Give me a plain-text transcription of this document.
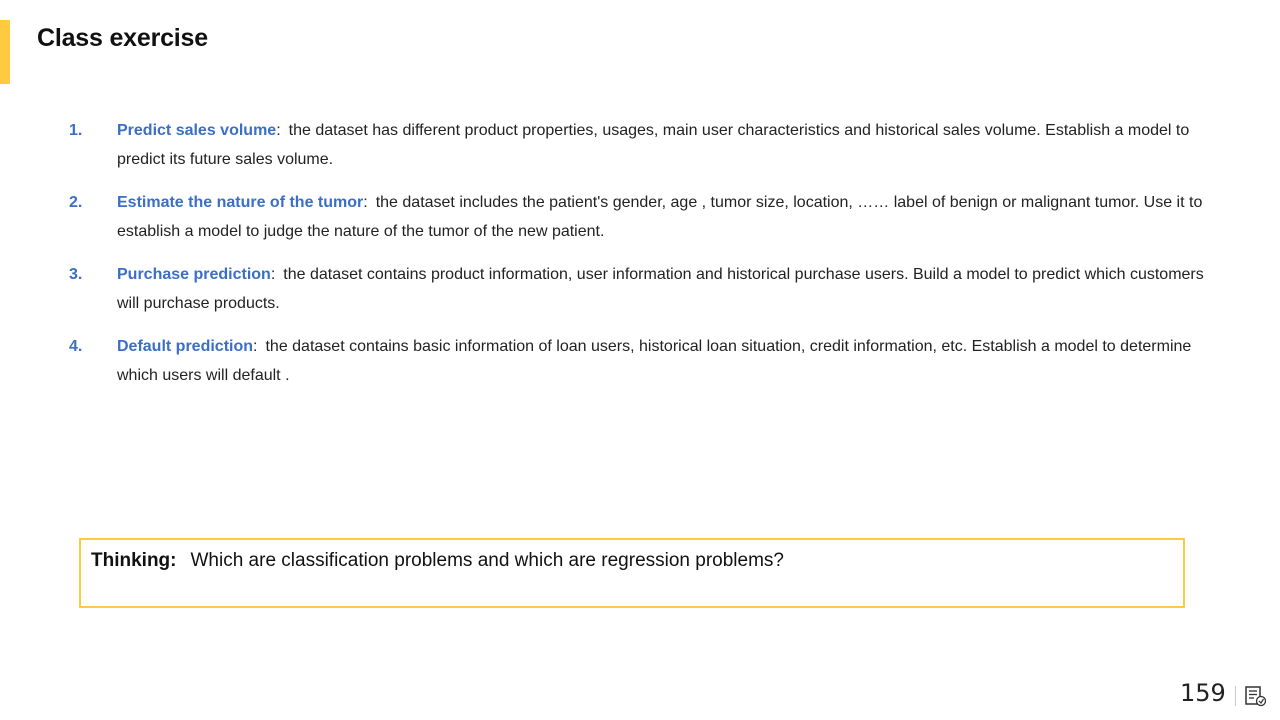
Class exercise
1.	Predict sales volume: the dataset has different product properties, usages, main user characteristics and historical sales volume. Establish a model to predict its future sales volume.
2.	Estimate the nature of the tumor: the dataset includes the patient's gender, age , tumor size, location, …… label of benign or malignant tumor. Use it to establish a model to judge the nature of the tumor of the new patient.
3.	Purchase prediction: the dataset contains product information, user information and historical purchase users. Build a model to predict which customers will purchase products.
4.	Default prediction: the dataset contains basic information of loan users, historical loan situation, credit information, etc. Establish a model to determine which users will default .
Thinking: Which are classification problems and which are regression problems?
159
